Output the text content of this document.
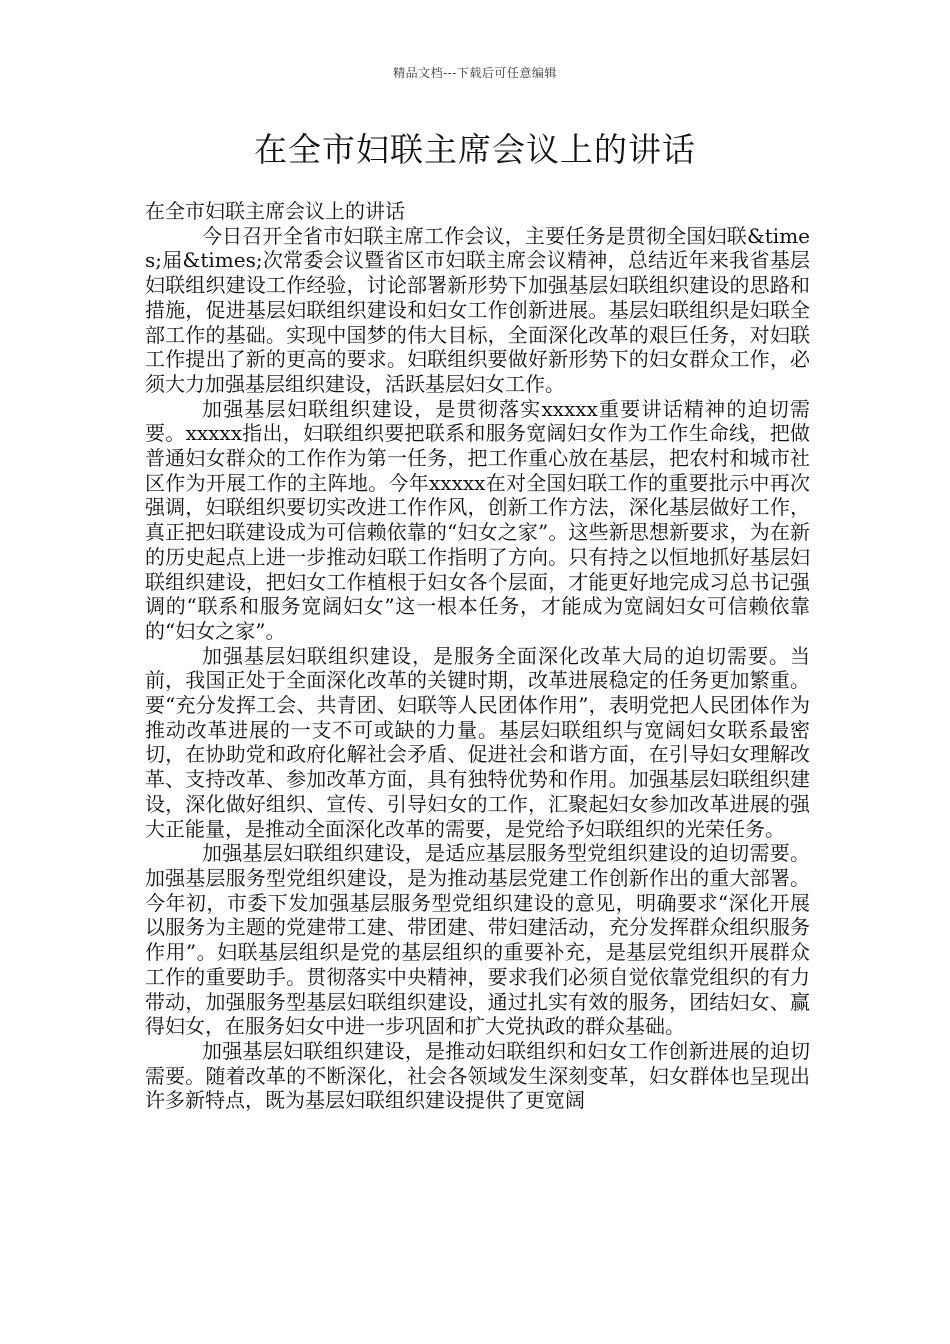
精品文档---下载后可任意编辑
在全市妇联主席会议上的讲话

在全市妇联主席会议上的讲话

今日召开全省市妇联主席工作会议，主要任务是贯彻全国妇联&times;届&times;次常委会议暨省区市妇联主席会议精神，总结近年来我省基层妇联组织建设工作经验，讨论部署新形势下加强基层妇联组织建设的思路和措施，促进基层妇联组织建设和妇女工作创新进展。基层妇联组织是妇联全部工作的基础。实现中国梦的伟大目标，全面深化改革的艰巨任务，对妇联工作提出了新的更高的要求。妇联组织要做好新形势下的妇女群众工作，必须大力加强基层组织建设，活跃基层妇女工作。

加强基层妇联组织建设，是贯彻落实xxxxx重要讲话精神的迫切需要。xxxxx指出，妇联组织要把联系和服务宽阔妇女作为工作生命线，把做普通妇女群众的工作作为第一任务，把工作重心放在基层，把农村和城市社区作为开展工作的主阵地。今年xxxxx在对全国妇联工作的重要批示中再次强调，妇联组织要切实改进工作作风，创新工作方法，深化基层做好工作，真正把妇联建设成为可信赖依靠的“妇女之家”。这些新思想新要求，为在新的历史起点上进一步推动妇联工作指明了方向。只有持之以恒地抓好基层妇联组织建设，把妇女工作植根于妇女各个层面，才能更好地完成习总书记强调的“联系和服务宽阔妇女”这一根本任务，才能成为宽阔妇女可信赖依靠的“妇女之家”。

加强基层妇联组织建设，是服务全面深化改革大局的迫切需要。当前，我国正处于全面深化改革的关键时期，改革进展稳定的任务更加繁重。要“充分发挥工会、共青团、妇联等人民团体作用”，表明党把人民团体作为推动改革进展的一支不可或缺的力量。基层妇联组织与宽阔妇女联系最密切，在协助党和政府化解社会矛盾、促进社会和谐方面，在引导妇女理解改革、支持改革、参加改革方面，具有独特优势和作用。加强基层妇联组织建设，深化做好组织、宣传、引导妇女的工作，汇聚起妇女参加改革进展的强大正能量，是推动全面深化改革的需要，是党给予妇联组织的光荣任务。

加强基层妇联组织建设，是适应基层服务型党组织建设的迫切需要。加强基层服务型党组织建设，是为推动基层党建工作创新作出的重大部署。今年初，市委下发加强基层服务型党组织建设的意见，明确要求“深化开展以服务为主题的党建带工建、带团建、带妇建活动，充分发挥群众组织服务作用”。妇联基层组织是党的基层组织的重要补充，是基层党组织开展群众工作的重要助手。贯彻落实中央精神，要求我们必须自觉依靠党组织的有力带动，加强服务型基层妇联组织建设，通过扎实有效的服务，团结妇女、赢得妇女，在服务妇女中进一步巩固和扩大党执政的群众基础。

加强基层妇联组织建设，是推动妇联组织和妇女工作创新进展的迫切需要。随着改革的不断深化，社会各领域发生深刻变革，妇女群体也呈现出许多新特点，既为基层妇联组织建设提供了更宽阔
